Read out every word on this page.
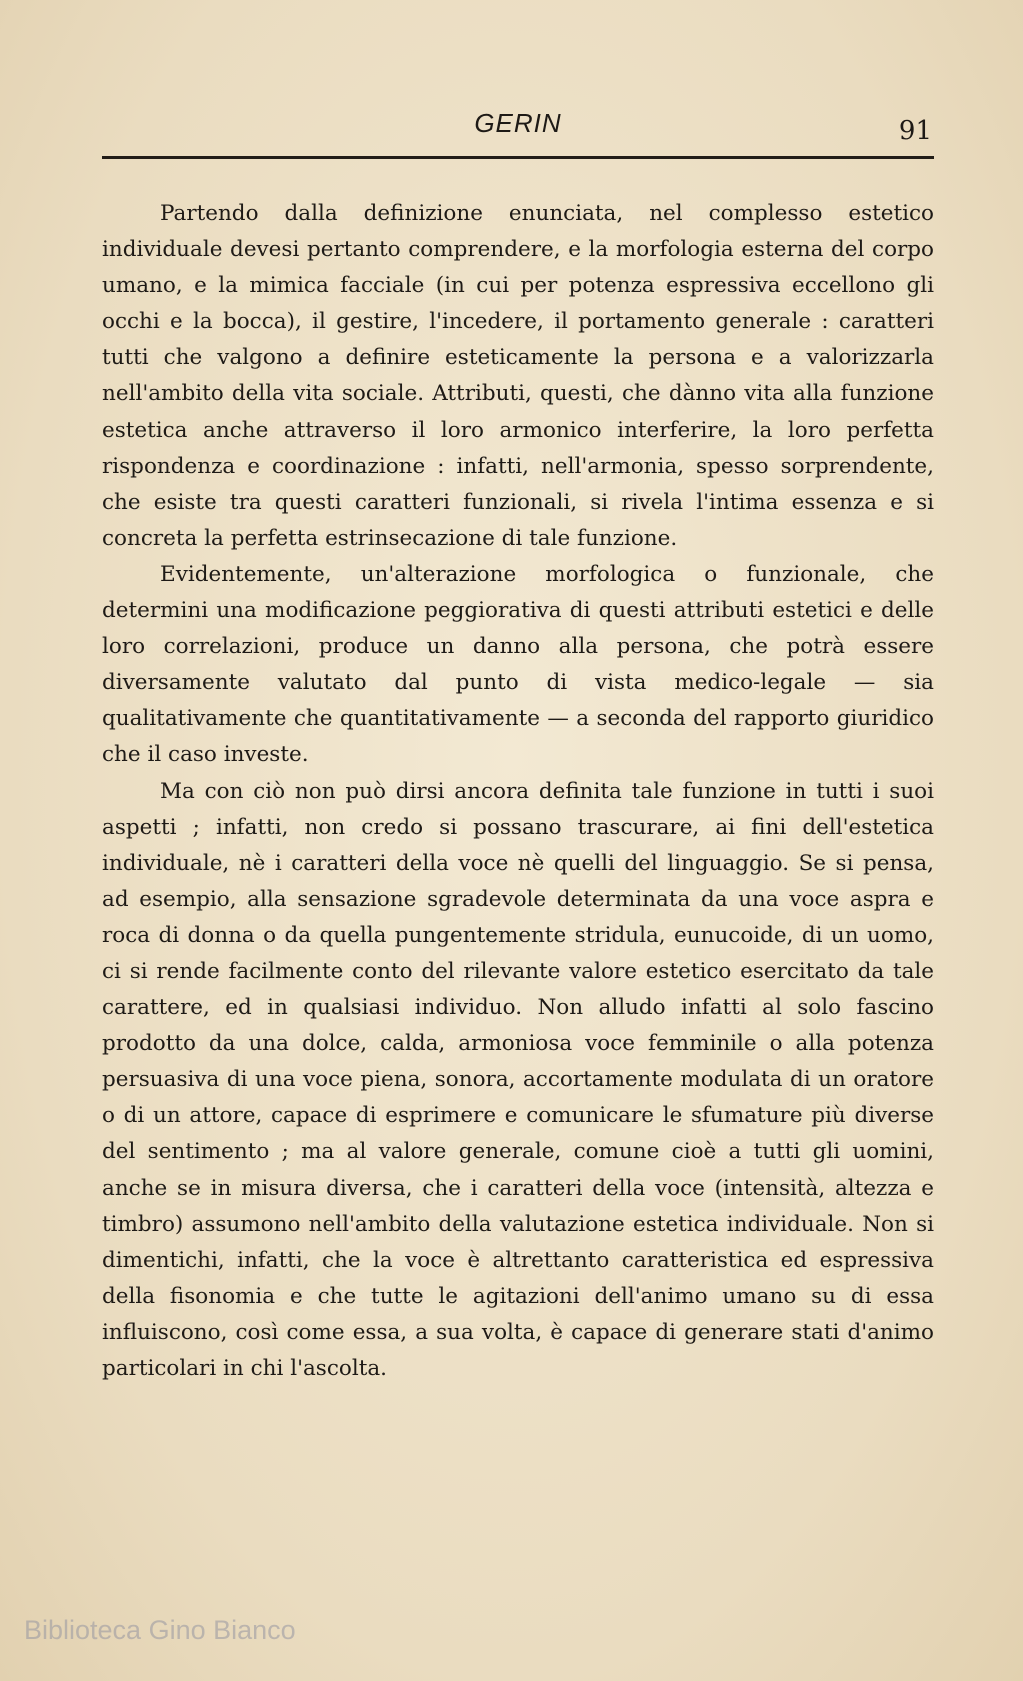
GERIN	91

Partendo dalla definizione enunciata, nel complesso estetico individuale devesi pertanto comprendere, e la morfologia esterna del corpo umano, e la mimica facciale (in cui per potenza espressiva eccellono gli occhi e la bocca), il gestire, l'incedere, il portamento generale : caratteri tutti che valgono a definire esteticamente la persona e a valorizzarla nell'ambito della vita sociale. Attributi, questi, che dànno vita alla funzione estetica anche attraverso il loro armonico interferire, la loro perfetta rispondenza e coordinazione : infatti, nell'armonia, spesso sorprendente, che esiste tra questi caratteri funzionali, si rivela l'intima essenza e si concreta la perfetta estrinsecazione di tale funzione.

Evidentemente, un'alterazione morfologica o funzionale, che determini una modificazione peggiorativa di questi attributi estetici e delle loro correlazioni, produce un danno alla persona, che potrà essere diversamente valutato dal punto di vista medico-legale — sia qualitativamente che quantitativamente — a seconda del rapporto giuridico che il caso investe.

Ma con ciò non può dirsi ancora definita tale funzione in tutti i suoi aspetti ; infatti, non credo si possano trascurare, ai fini dell'estetica individuale, nè i caratteri della voce nè quelli del linguaggio. Se si pensa, ad esempio, alla sensazione sgradevole determinata da una voce aspra e roca di donna o da quella pungentemente stridula, eunucoide, di un uomo, ci si rende facilmente conto del rilevante valore estetico esercitato da tale carattere, ed in qualsiasi individuo. Non alludo infatti al solo fascino prodotto da una dolce, calda, armoniosa voce femminile o alla potenza persuasiva di una voce piena, sonora, accortamente modulata di un oratore o di un attore, capace di esprimere e comunicare le sfumature più diverse del sentimento ; ma al valore generale, comune cioè a tutti gli uomini, anche se in misura diversa, che i caratteri della voce (intensità, altezza e timbro) assumono nell'ambito della valutazione estetica individuale. Non si dimentichi, infatti, che la voce è altrettanto caratteristica ed espressiva della fisonomia e che tutte le agitazioni dell'animo umano su di essa influiscono, così come essa, a sua volta, è capace di generare stati d'animo particolari in chi l'ascolta.

Biblioteca Gino Bianco
